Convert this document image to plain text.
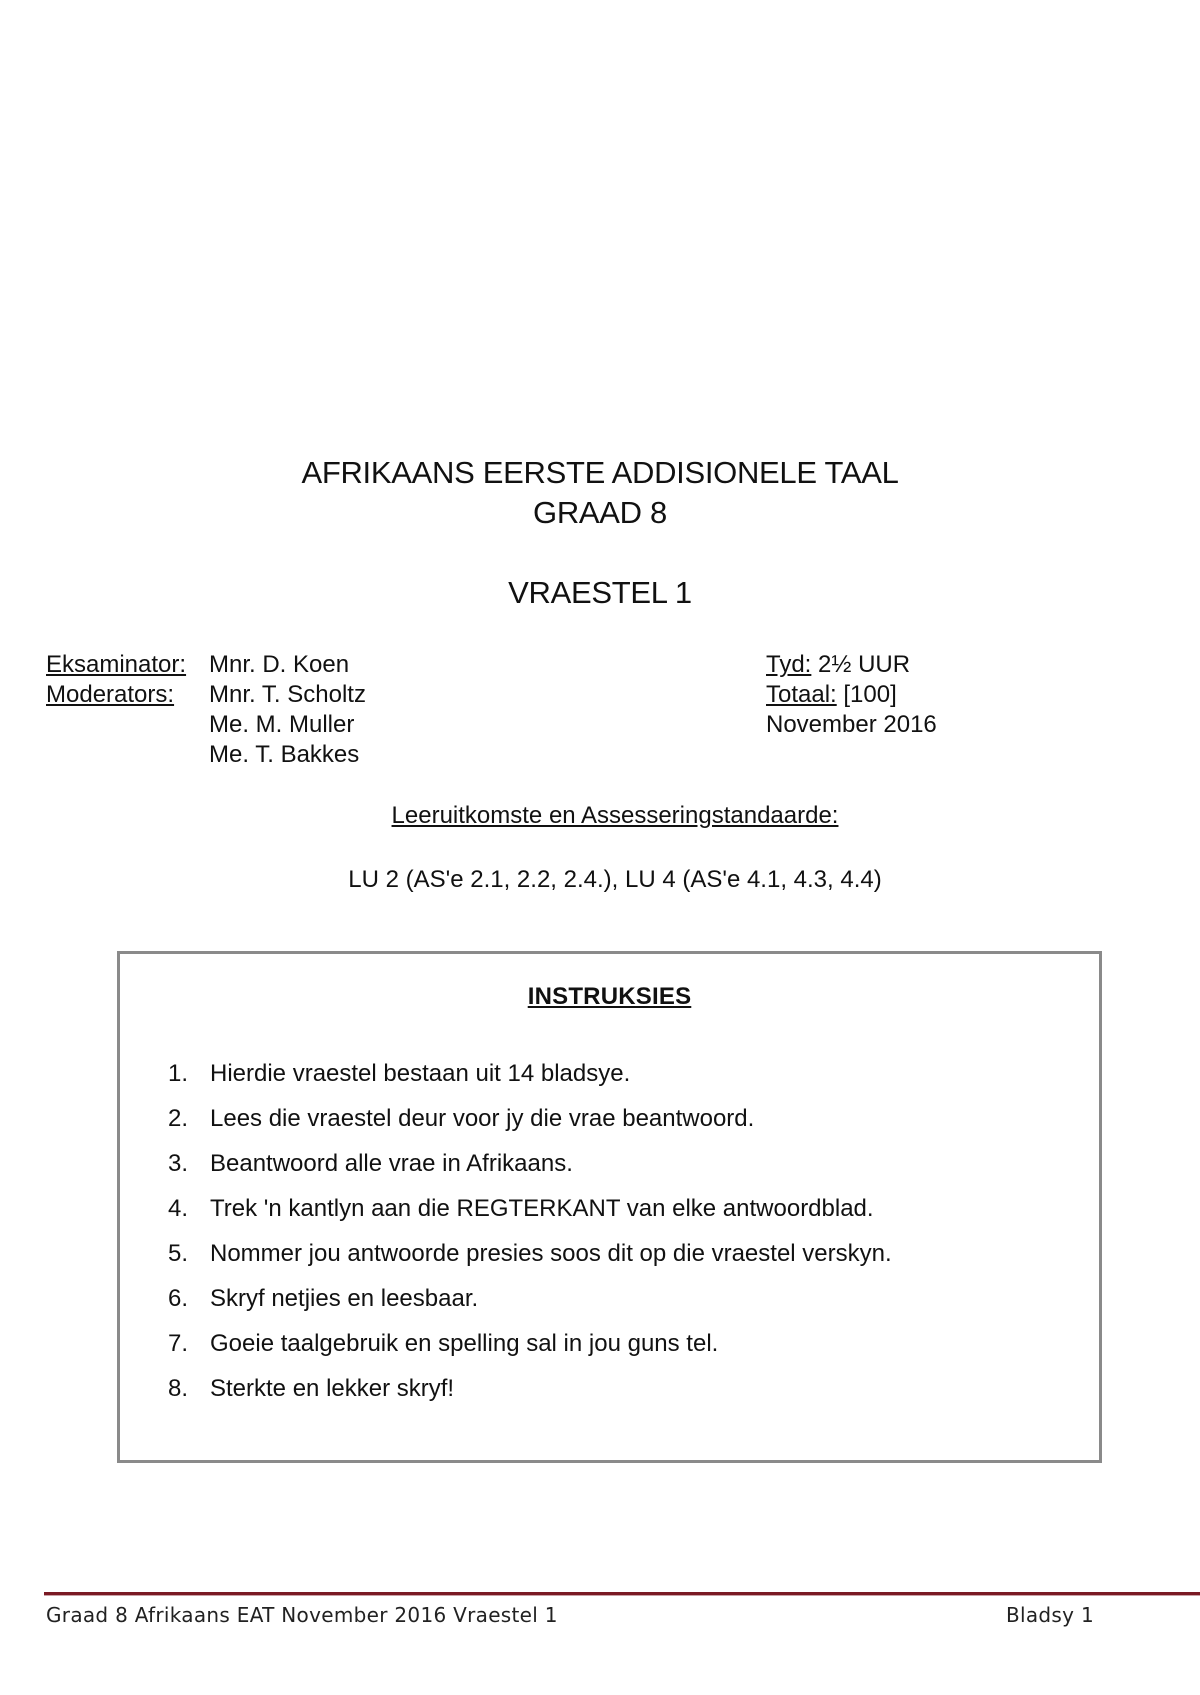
AFRIKAANS EERSTE ADDISIONELE TAAL
GRAAD 8
VRAESTEL 1
Eksaminator: Mnr. D. Koen
Moderators: Mnr. T. Scholtz
Me. M. Muller
Me. T. Bakkes
Tyd: 2½ UUR
Totaal: [100]
November 2016
Leeruitkomste en Assesseringstandaarde:
LU 2 (AS'e 2.1, 2.2, 2.4.), LU 4 (AS'e 4.1, 4.3, 4.4)
INSTRUKSIES
1. Hierdie vraestel bestaan uit 14 bladsye.
2. Lees die vraestel deur voor jy die vrae beantwoord.
3. Beantwoord alle vrae in Afrikaans.
4. Trek 'n kantlyn aan die REGTERKANT van elke antwoordblad.
5. Nommer jou antwoorde presies soos dit op die vraestel verskyn.
6. Skryf netjies en leesbaar.
7. Goeie taalgebruik en spelling sal in jou guns tel.
8. Sterkte en lekker skryf!
Graad 8 Afrikaans EAT November 2016 Vraestel 1	Bladsy 1
